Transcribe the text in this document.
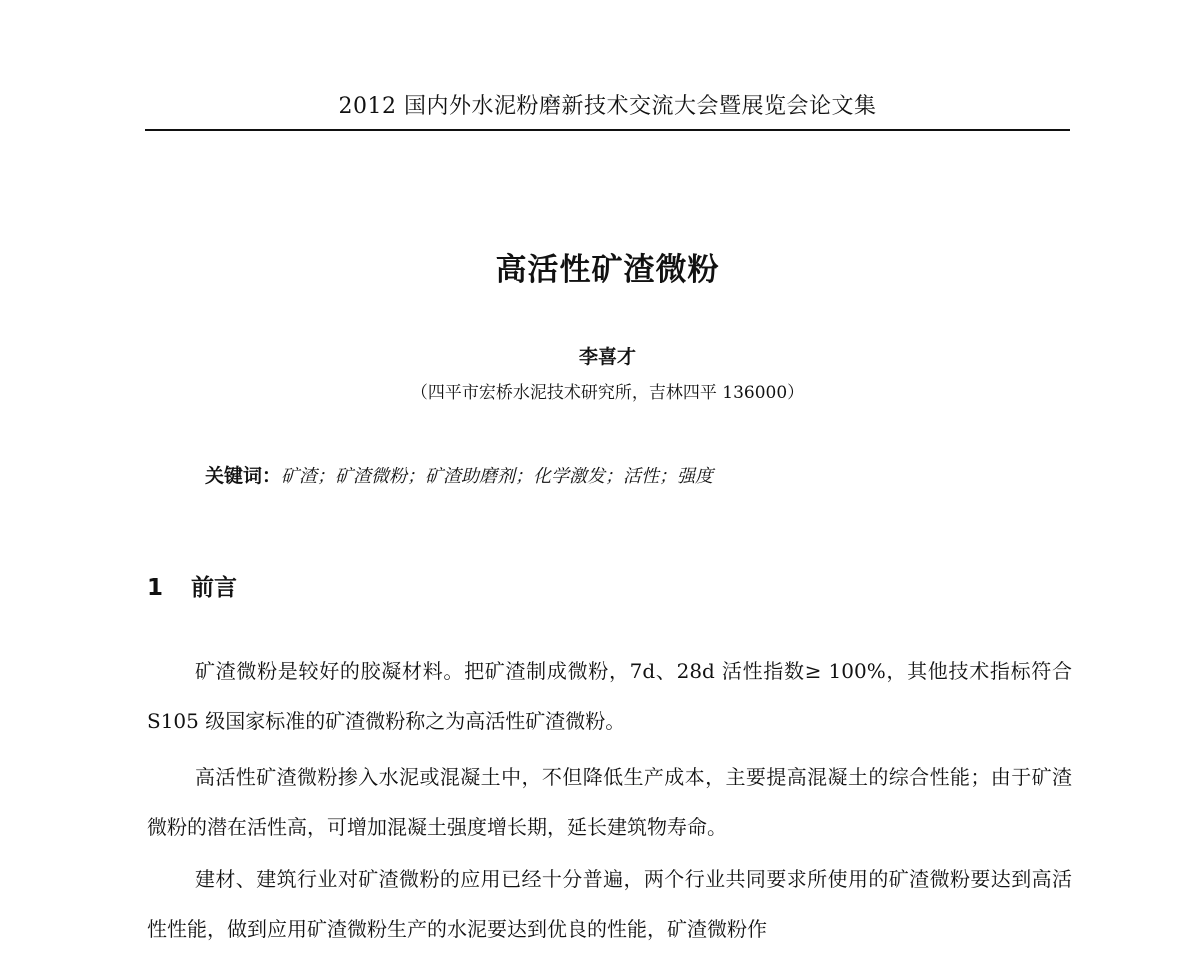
2012 国内外水泥粉磨新技术交流大会暨展览会论文集
高活性矿渣微粉
李喜才
（四平市宏桥水泥技术研究所，吉林四平 136000）
关键词：矿渣；矿渣微粉；矿渣助磨剂；化学激发；活性；强度
1 前言

矿渣微粉是较好的胶凝材料。把矿渣制成微粉，7d、28d 活性指数≥ 100%，其他技术指标符合 S105 级国家标准的矿渣微粉称之为高活性矿渣微粉。

高活性矿渣微粉掺入水泥或混凝土中，不但降低生产成本，主要提高混凝土的综合性能；由于矿渣微粉的潜在活性高，可增加混凝土强度增长期，延长建筑物寿命。

建材、建筑行业对矿渣微粉的应用已经十分普遍，两个行业共同要求所使用的矿渣微粉要达到高活性性能，做到应用矿渣微粉生产的水泥要达到优良的性能，矿渣微粉作
